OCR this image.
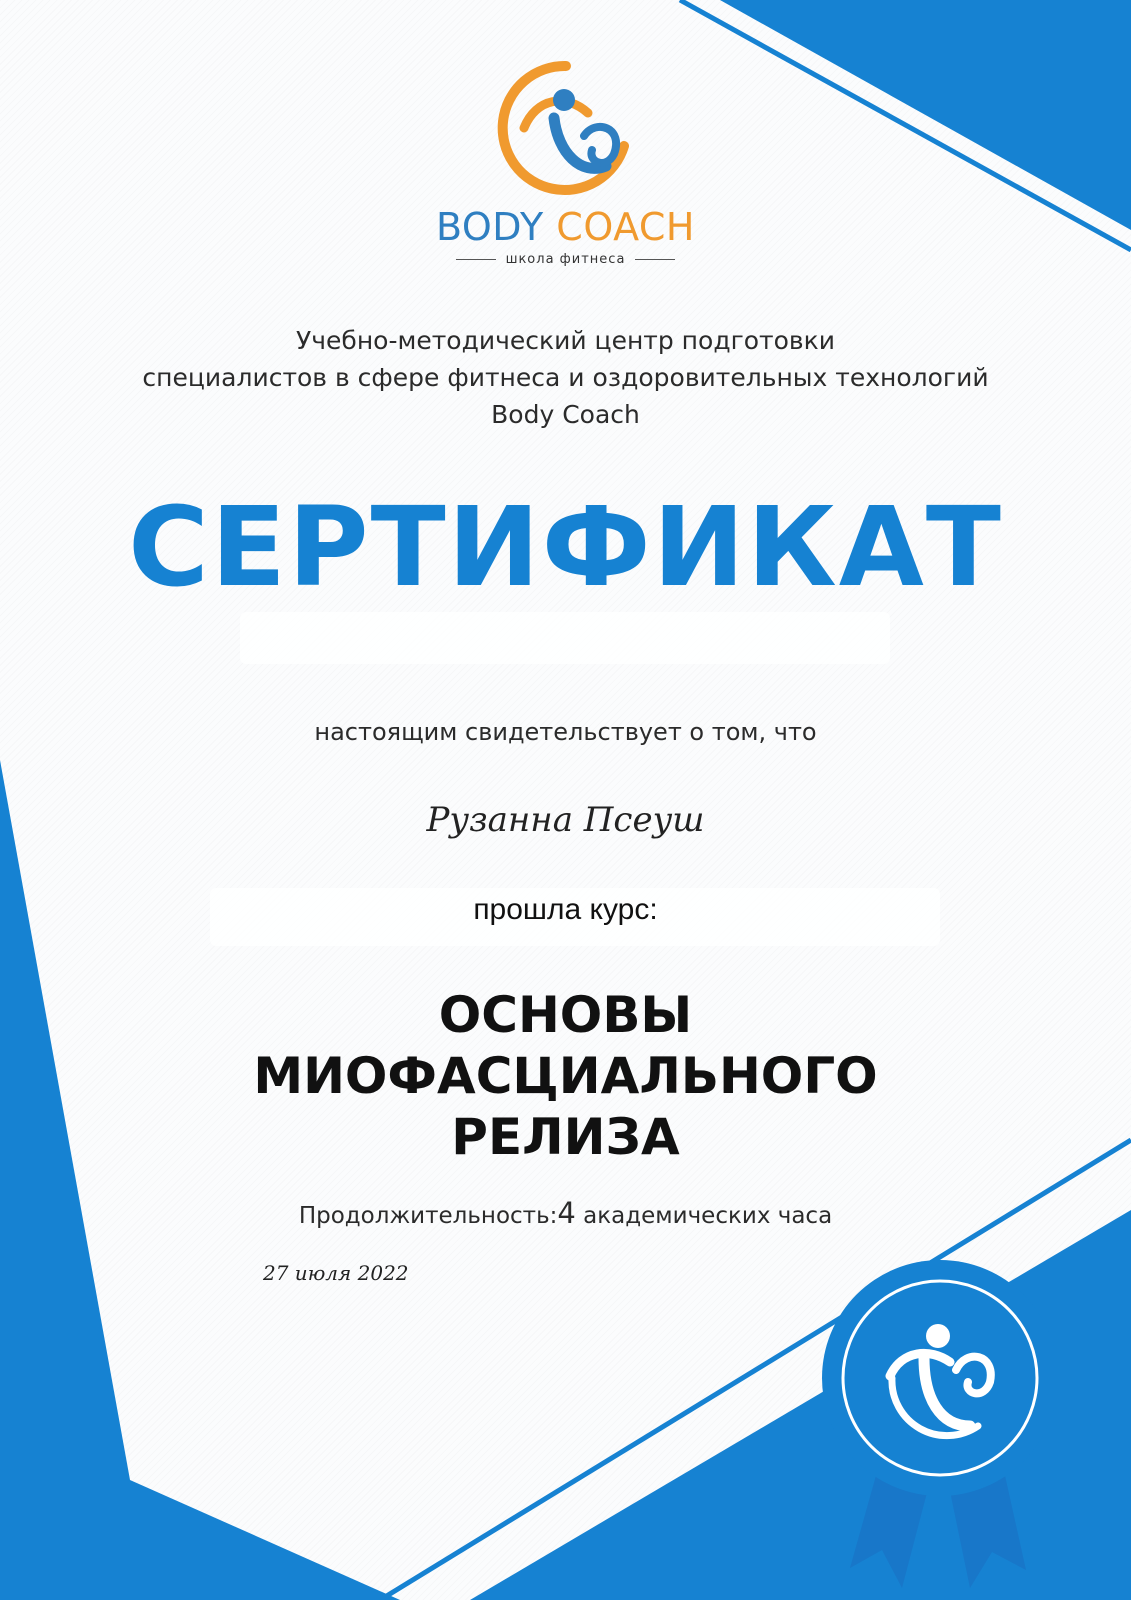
BODY COACH
школа фитнеса
Учебно-методический центр подготовки
специалистов в сфере фитнеса и оздоровительных технологий
Body Coach
СЕРТИФИКАТ
настоящим свидетельствует о том, что
Рузанна Псеуш
прошла курс:
ОСНОВЫ
МИОФАСЦИАЛЬНОГО
РЕЛИЗА
Продолжительность:4 академических часа
27 июля 2022
